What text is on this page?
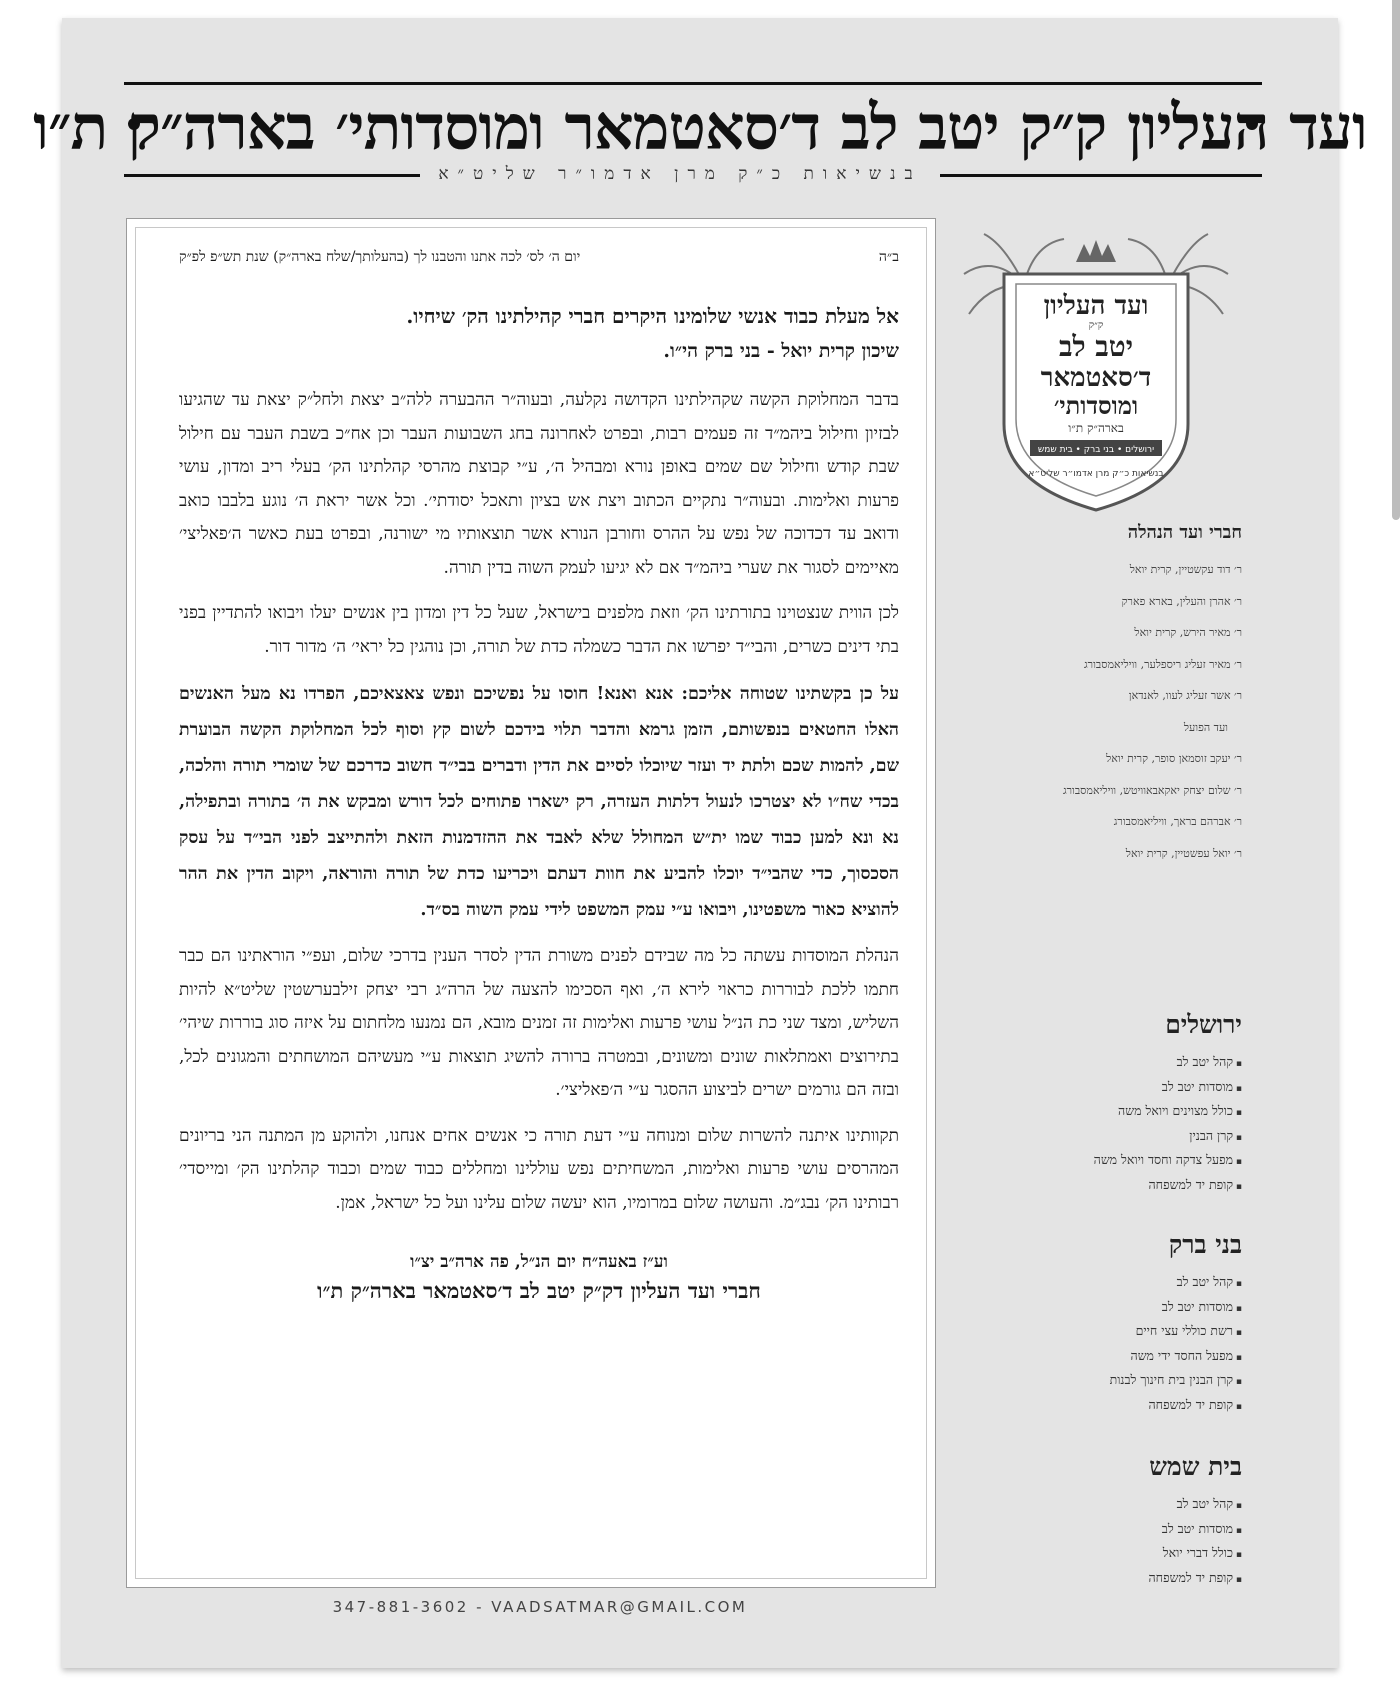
ועד העליון ק״ק יטב לב ד׳סאטמאר ומוסדותי׳ בארה״ק ת״ו
בנשיאות כ״ק מרן אדמו״ר שליט״א
ב״ה
יום ה׳ לס׳ לכה אתנו והטבנו לך (בהעלותך/שלח בארה״ק) שנת תש״פ לפ״ק

אל מעלת כבוד אנשי שלומינו היקרים חברי קהילתינו הק׳ שיחיו.

שיכון קרית יואל - בני ברק הי״ו.

בדבר המחלוקת הקשה שקהילתינו הקדושה נקלעה, ובעוה״ר ההבערה ללה״ב יצאת ולחל״ק יצאת עד שהגיעו לבזיון וחילול ביהמ״ד זה פעמים רבות, ובפרט לאחרונה בחג השבועות העבר וכן אח״כ בשבת העבר עם חילול שבת קודש וחילול שם שמים באופן נורא ומבהיל ה׳, ע״י קבוצת מהרסי קהלתינו הק׳ בעלי ריב ומדון, עושי פרעות ואלימות. ובעוה״ר נתקיים הכתוב ויצת אש בציון ותאכל יסודתי׳. וכל אשר יראת ה׳ נוגע בלבבו כואב ודואב עד דכדוכה של נפש על ההרס וחורבן הנורא אשר תוצאותיו מי ישורנה, ובפרט בעת כאשר ה׳פאליצי׳ מאיימים לסגור את שערי ביהמ״ד אם לא יגיעו לעמק השוה בדין תורה.

לכן הווית שנצטוינו בתורתינו הק׳ וזאת מלפנים בישראל, שעל כל דין ומדון בין אנשים יעלו ויבואו להתדיין בפני בתי דינים כשרים, והבי״ד יפרשו את הדבר כשמלה כדת של תורה, וכן נוהגין כל יראי׳ ה׳ מדור דור.

על כן בקשתינו שטוחה אליכם: אנא ואנא! חוסו על נפשיכם ונפש צאצאיכם, הפרדו נא מעל האנשים האלו החטאים בנפשותם, הזמן גרמא והדבר תלוי בידכם לשום קץ וסוף לכל המחלוקת הקשה הבוערת שם, להמות שכם ולתת יד ועזר שיוכלו לסיים את הדין ודברים בבי״ד חשוב כדרכם של שומרי תורה והלכה, בכדי שח״ו לא יצטרכו לנעול דלתות העזרה, רק ישארו פתוחים לכל דורש ומבקש את ה׳ בתורה ובתפילה, נא ונא למען כבוד שמו ית״ש המחולל שלא לאבד את ההזדמנות הזאת ולהתייצב לפני הבי״ד על עסק הסכסוך, כדי שהבי״ד יוכלו להביע את חוות דעתם ויכריעו כדת של תורה והוראה, ויקוב הדין את ההר להוציא כאור משפטינו, ויבואו ע״י עמק המשפט לידי עמק השוה בס״ד.

הנהלת המוסדות עשתה כל מה שבידם לפנים משורת הדין לסדר הענין בדרכי שלום, ועפ״י הוראתינו הם כבר חתמו ללכת לבוררות כראוי לירא ה׳, ואף הסכימו להצעה של הרה״ג רבי יצחק זילבערשטין שליט״א להיות השליש, ומצד שני כת הנ״ל עושי פרעות ואלימות זה זמנים מובא, הם נמנעו מלחתום על איזה סוג בוררות שיהי׳ בתירוצים ואמתלאות שונים ומשונים, ובמטרה ברורה להשיג תוצאות ע״י מעשיהם המושחתים והמגונים לכל, ובזה הם גורמים ישרים לביצוע ההסגר ע״י ה׳פאליצי׳.

תקוותינו איתנה להשרות שלום ומנוחה ע״י דעת תורה כי אנשים אחים אנחנו, ולהוקע מן המתנה הני בריונים המהרסים עושי פרעות ואלימות, המשחיתים נפש עוללינו ומחללים כבוד שמים וכבוד קהלתינו הק׳ ומייסדי׳ רבותינו הק׳ נבג״מ. והעושה שלום במרומיו, הוא יעשה שלום עלינו ועל כל ישראל, אמן.

וע״ז באעה״ח יום הנ״ל, פה ארה״ב יצ״ו
חברי ועד העליון דק״ק יטב לב ד׳סאטמאר בארה״ק ת״ו
347-881-3602 - VAADSATMAR@GMAIL.COM
ועד העליון
ק״ק
יטב לב
ד׳סאטמאר
ומוסדותי׳
בארה״ק ת״ו
ירושלים • בני ברק • בית שמש
בנשיאות כ״ק מרן אדמו״ר שליט״א
חברי ועד הנהלה
ר׳ דוד עקשטיין, קרית יואל
ר׳ אהרן והעלין, בארא פארק
ר׳ מאיר הירש, קרית יואל
ר׳ מאיר זעליג ריספלער, וויליאמסבורג
ר׳ אשר זעליג לעוו, לאנדאן
ועד הפועל
ר׳ יעקב זוסמאן סופר, קרית יואל
ר׳ שלום יצחק יאקאבאוויטש, וויליאמסבורג
ר׳ אברהם בראך, וויליאמסבורג
ר׳ יואל עפשטיין, קרית יואל
ירושלים
▪ קהל יטב לב
▪ מוסדות יטב לב
▪ כולל מצוינים ויואל משה
▪ קרן הבנין
▪ מפעל צדקה וחסד ויואל משה
▪ קופת יד למשפחה
בני ברק
▪ קהל יטב לב
▪ מוסדות יטב לב
▪ רשת כוללי עצי חיים
▪ מפעל החסד ידי משה
▪ קרן הבנין בית חינוך לבנות
▪ קופת יד למשפחה
בית שמש
▪ קהל יטב לב
▪ מוסדות יטב לב
▪ כולל דברי יואל
▪ קופת יד למשפחה
